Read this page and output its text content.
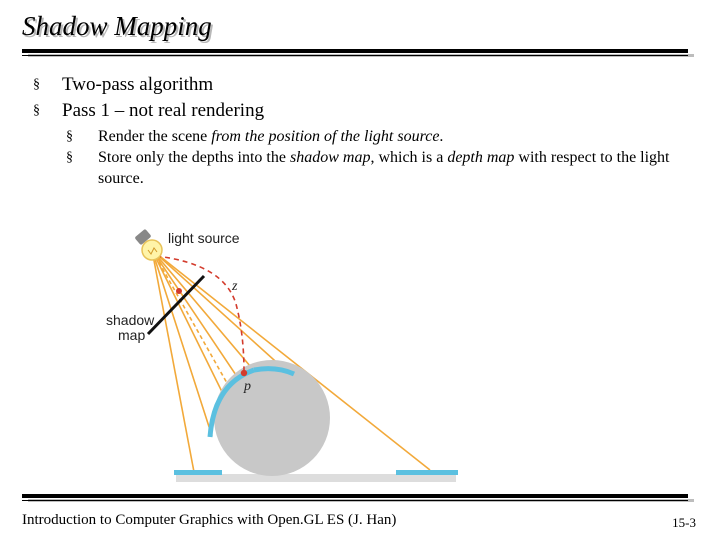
Shadow Mapping
§ Two-pass algorithm
§ Pass 1 – not real rendering
§ Render the scene from the position of the light source.
§ Store only the depths into the shadow map, which is a depth map with respect to the light source.
light source
z
shadow
map
p
Introduction to Computer Graphics with Open.GL ES (J. Han)	15-3
